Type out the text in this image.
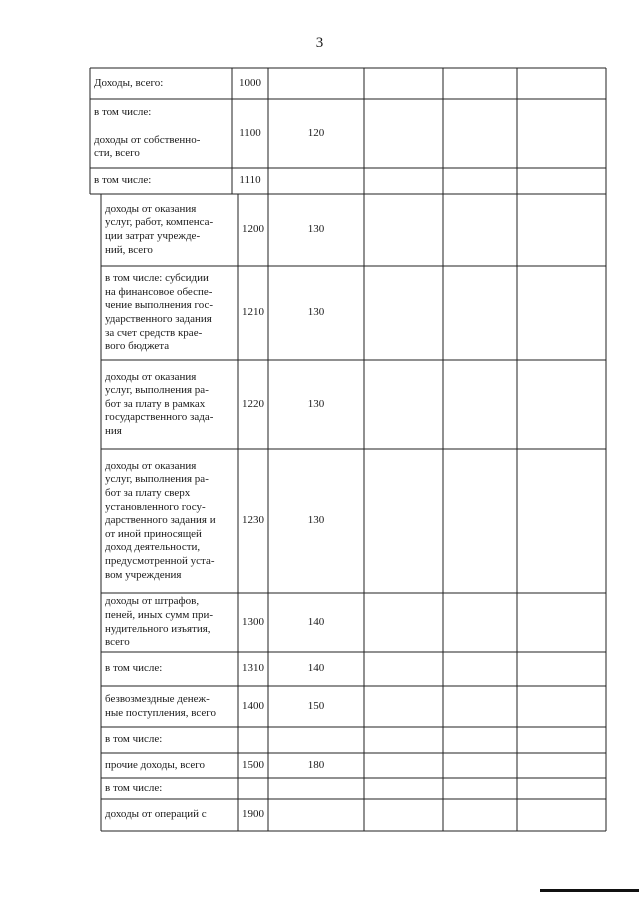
3
Доходы, всего:	1000
в том числе:

доходы от собственно-
сти, всего
1100	120
в том числе:	1110
доходы от оказания
услуг, работ, компенса-
ции затрат учрежде-
ний, всего
1200	130
в том числе: субсидии
на финансовое обеспе-
чение выполнения гос-
ударственного задания
за счет средств крае-
вого бюджета
1210	130
доходы от оказания
услуг, выполнения ра-
бот за плату в рамках
государственного зада-
ния
1220	130
доходы от оказания
услуг, выполнения ра-
бот за плату сверх
установленного госу-
дарственного задания и
от иной приносящей
доход деятельности,
предусмотренной уста-
вом учреждения
1230	130
доходы от штрафов,
пеней, иных сумм при-
нудительного изъятия,
всего
1300	140
в том числе:	1310	140
безвозмездные денеж-
ные поступления, всего
1400	150
в том числе:
прочие доходы, всего	1500	180
в том числе:
доходы от операций с	1900
